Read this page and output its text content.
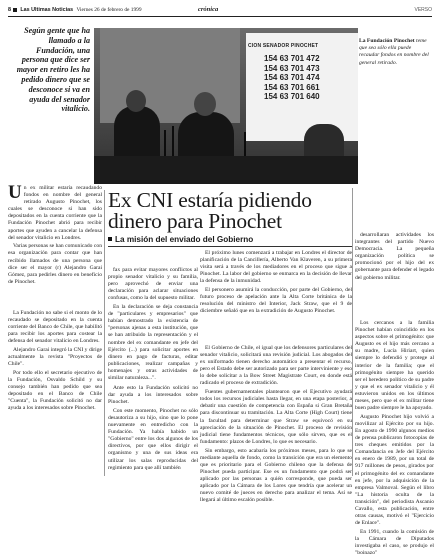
8 Las Ultimas Noticias Viernes 26 de febrero de 1999	crónica	VERSO

Según gente que ha llamado a la Fundación, una persona que dice ser mayor en retiro les ha pedido dinero que se desconoce si va en ayuda del senador vitalicio.

CION SENADOR PINOCHET
154 63 701 472
154 63 701 473
154 63 701 474
154 63 701 661
154 63 701 640

La Fundación Pinochet teme que sea sólo ella puede recaudar fondos en nombre del general retirado.

U n ex militar estaría recaudando fondos en nombre del general retirado Augusto Pinochet, los cuales se desconoce si han sido depositados en la cuenta corriente que la Fundación Pinochet abrió para recibir aportes que ayuden a cancelar la defensa del senador vitalicio en Londres.

Varias personas se han comunicado con esa organización para contar que han recibido llamados de una persona que dice ser el mayor (r) Alejandro Garai Gómez, para pedirles dinero en beneficio de Pinochet.

La Fundación no sabe si el monto de lo recaudado se depositado en la cuenta corriente del Banco de Chile, que habilitó para recibir los aportes para costear la defensa del senador vitalicio en Londres.

Alejandro Garai integró la CNI y dirige actualmente la revista "Proyectos de Chile".

Por todo ello el secretario ejecutivo de la Fundación, Osvaldo Schild y su consejo también han pedido que sea depositado en el Banco de Chile "Cuenta", la Fundación solicitó no dar ayuda a los interesados sobre Pinochet.

Ex CNI estaría pidiendo dinero para Pinochet

fax para evitar mayores conflictos al propio senador vitalicio y su familia, pero aprovechó de enviar una declaración para aclarar situaciones confusas, como la del supuesto militar.

En la declaración se deja constancia de "particulares y empresarios" que habían demostrado la existencia de "personas ajenas a esta institución, que se han atribuido la representación y el nombre del ex comandante en jefe del Ejército (...) para solicitar aportes en dinero en pago de facturas, editar publicaciones, realizar campañas y homenajes y otras actividades de similar naturaleza...".

Ante esto la Fundación solicitó no dar ayuda a los interesados sobre Pinochet.

Con este momento, Pinochet no sólo desautoriza a su hijo, sino que lo pone nuevamente en entredicho con la Fundación. Ya había habido un "Gobierno" entre los dos algunos de los directivos, por que ellos dirigir el organismo y una de sus ideas era utilizar los salas reproducidas del regimiento para que allí también

La misión del enviado del Gobierno

El próximo lunes comenzará a trabajar en Londres el director de planificación de la Cancillería, Alberto Van Klaveren, a su primera visita será a través de los mediadores en el proceso que sigue a Pinochet. La labor del gobierno se enmarca en la decisión de llevar la defensa de la inmunidad.

El personero asumirá la conducción, por parte del Gobierno, del futuro proceso de apelación ante la Alta Corte británica de la resolución del ministro del Interior, Jack Straw, que el 9 de diciembre señaló que en la extradición de Augusto Pinochet.

El Gobierno de Chile, el igual que los defensores particulares del senador vitalicio, solicitará una revisión judicial. Los abogados del ex uniformado tienen derecho automático a presentar el recurso, pero el Estado debe ser autorizado para ser parte interviniente y eso lo debe solicitar a la Bow Street Magistrate Court, en donde está radicado el proceso de extradición.

Fuentes gubernamentales plantearon que el Ejecutivo ayudará todos los recursos judiciales hasta llegar, en una etapa posterior, a debatir una cuestión de competencia con España si Gran Bretaña para discontinuar su tramitación. La Alta Corte (High Court) tiene la facultad para determinar que Straw se equivocó en su apreciación de la situación de Pinochet. El proceso de revisión judicial tiene fundamentos técnicos, que sólo sirven, que es el fundamento: plazos de Londres, lo que es necesario.

Sin embargo, esto acabaría los próximos meses, para lo que se mediante aquella de fondo, como la transición que era un elemento que es prioritario para el Gobierno chileno que la defensa de Pinochet pueda participar. Ese es un fundamento que podrá ser aplicado por las personas a quién corresponde, que pueda ser aplicado por la Cámara de los Lores que tendría que acelerar un nuevo comité de jueces en derecho para analizar el tema. Así se llegará al último escalón posible.

desarrollaran actividades los integrantes del partido Nuevo Democracia. La pequeña organización política se promocionó por el hijo del ex gobernante para defender el legado del gobierno militar.

Los cercanos a la familia Pinochet habían coincidido en los aspectos sobre el primogénito: que Augusto es el hijo más cercano a su madre, Lucía Hiriart, quien siempre lo defendió y protege al interior de la familia; que el primogénito siempre ha querido ser el heredero político de su padre y que el ex senador vitalicio y él estuvieron unidos en los últimos meses, pero que el ex militar tiene buen padre siempre le ha apoyado.

Augusto Pinochet hijo volvió a movilizar al Ejército por su hijo. En agosto de 1990 algunos medios de prensa publicaron fotocopias de tres cheques emitidos por la Comandancia en Jefe del Ejército en enero de 1989, por un total de 917 millones de pesos, girados por el primogénito del ex comandante en jefe, por la adquisición de la empresa Valmoval. Según el libro "La historia oculta de la transición", del periodista Ascanio Cavallo, esta publicación, entre otras causas, motivó el "Ejercicio de Enlace".

En 1991, cuando la comisión de la Cámara de Diputados investigaba el caso, se produjo el "boinazo"
